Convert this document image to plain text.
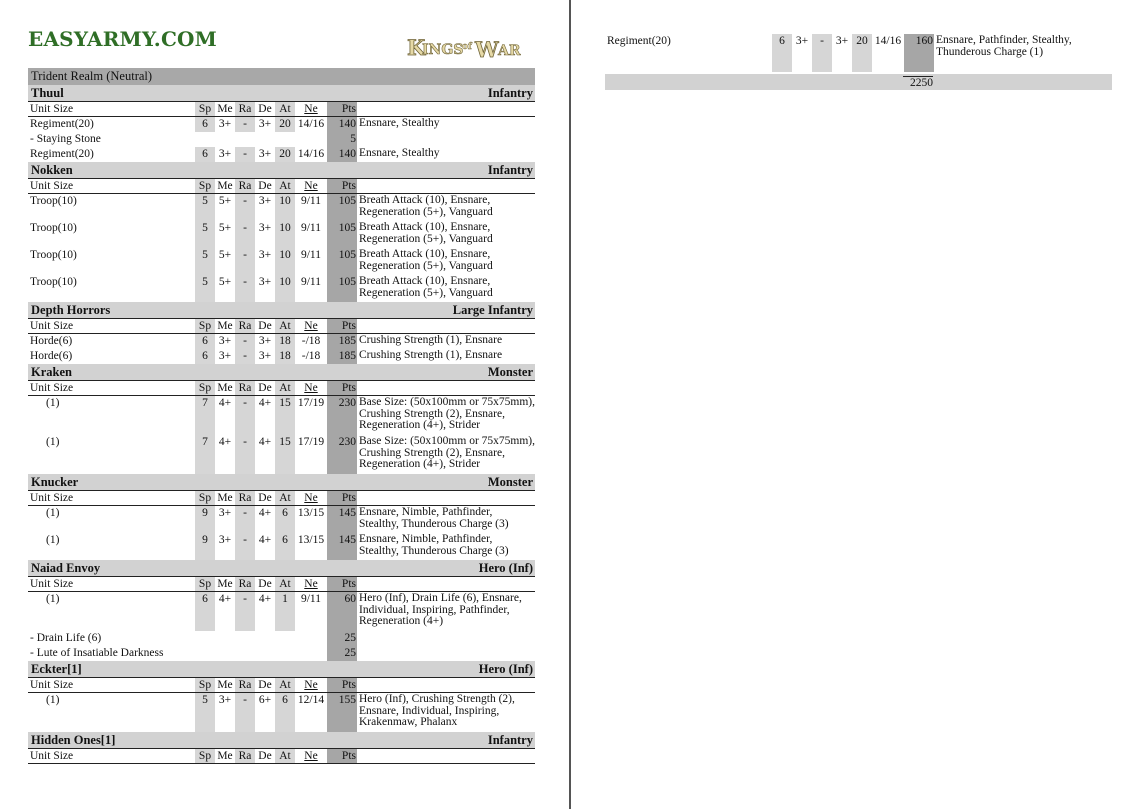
EASYARMY.COM	K
INGS
of W AR
Trident Realm (Neutral)
Thuul	Infantry
Unit Size	Sp Me Ra De At	Ne	Pts
Regiment(20)	6 3+	-	3+ 20 14/16	140 Ensnare, Stealthy
- Staying Stone	5
Regiment(20)	6 3+	-	3+ 20 14/16	140 Ensnare, Stealthy
Nokken	Infantry
Unit Size	Sp Me Ra De At	Ne	Pts
Troop(10)	5 5+	-	3+ 10 9/11	105 Breath Attack (10), Ensnare, Regeneration (5+), Vanguard
Troop(10)	5 5+	-	3+ 10 9/11	105 Breath Attack (10), Ensnare, Regeneration (5+), Vanguard
Troop(10)	5 5+	-	3+ 10 9/11	105 Breath Attack (10), Ensnare, Regeneration (5+), Vanguard
Troop(10)	5 5+	-	3+ 10 9/11	105 Breath Attack (10), Ensnare, Regeneration (5+), Vanguard
Depth Horrors	Large Infantry
Unit Size	Sp Me Ra De At	Ne	Pts
Horde(6)	6 3+	-	3+ 18 -/18	185 Crushing Strength (1), Ensnare
Horde(6)	6 3+	-	3+ 18 -/18	185 Crushing Strength (1), Ensnare
Kraken	Monster
Unit Size	Sp Me Ra De At	Ne	Pts
(1)	7 4+	-	4+ 15 17/19	230 Base Size: (50x100mm or 75x75mm), Crushing Strength (2), Ensnare, Regeneration (4+), Strider
(1)	7 4+	-	4+ 15 17/19	230 Base Size: (50x100mm or 75x75mm), Crushing Strength (2), Ensnare, Regeneration (4+), Strider
Knucker	Monster
Unit Size	Sp Me Ra De At	Ne	Pts
(1)	9 3+	-	4+ 6 13/15	145 Ensnare, Nimble, Pathfinder, Stealthy, Thunderous Charge (3)
(1)	9 3+	-	4+ 6 13/15	145 Ensnare, Nimble, Pathfinder, Stealthy, Thunderous Charge (3)
Naiad Envoy	Hero (Inf)
Unit Size	Sp Me Ra De At	Ne	Pts
(1)	6 4+	-	4+ 1	9/11	60 Hero (Inf), Drain Life (6), Ensnare, Individual, Inspiring, Pathfinder, Regeneration (4+)
- Drain Life (6)	25
- Lute of Insatiable Darkness	25
Eckter[1]	Hero (Inf)
Unit Size	Sp Me Ra De At	Ne	Pts
(1)	5 3+	-	6+ 6 12/14	155 Hero (Inf), Crushing Strength (2), Ensnare, Individual, Inspiring, Krakenmaw, Phalanx
Hidden Ones[1]	Infantry
Unit Size	Sp Me Ra De At	Ne	Pts
Regiment(20)	6 3+	-	3+ 20 14/16	160 Ensnare, Pathfinder, Stealthy, Thunderous Charge (1)
2250
